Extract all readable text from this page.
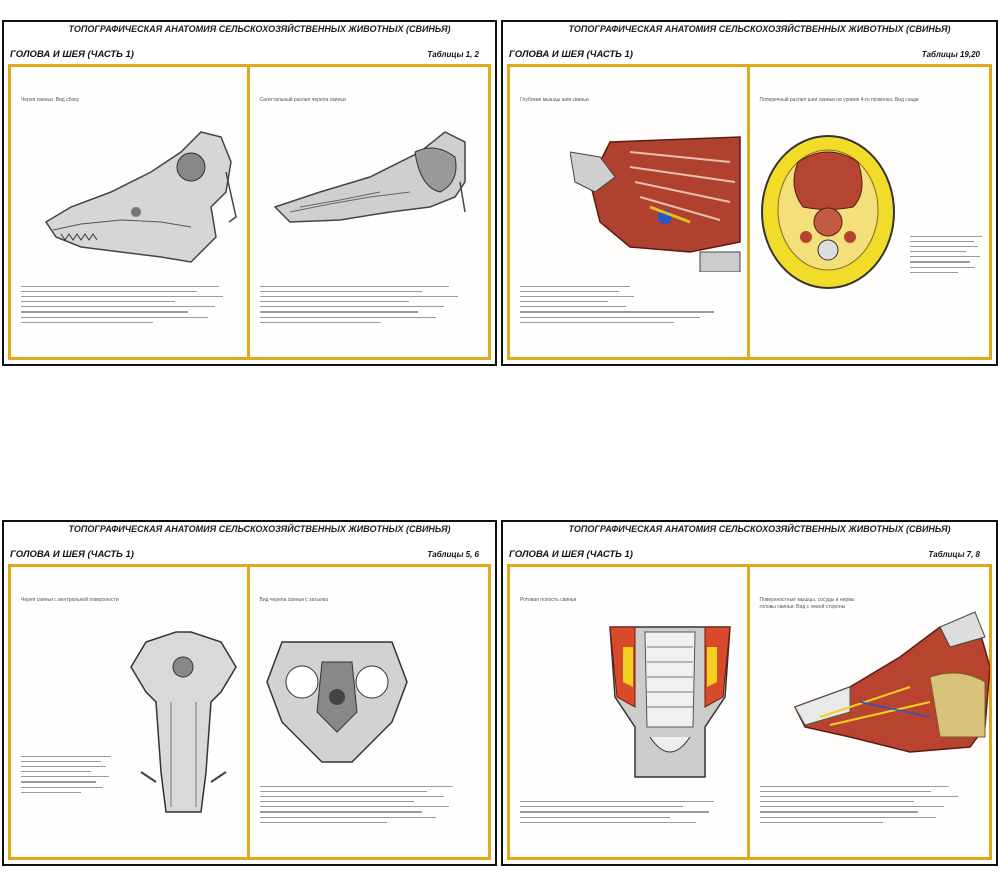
ТОПОГРАФИЧЕСКАЯ АНАТОМИЯ СЕЛЬСКОХОЗЯЙСТВЕННЫХ ЖИВОТНЫХ (СВИНЬЯ)
ГОЛОВА И ШЕЯ (ЧАСТЬ 1)	Таблицы 1, 2
Череп свиньи. Вид сбоку	Сагиттальный распил черепа свиньи
ТОПОГРАФИЧЕСКАЯ АНАТОМИЯ СЕЛЬСКОХОЗЯЙСТВЕННЫХ ЖИВОТНЫХ (СВИНЬЯ)
ГОЛОВА И ШЕЯ (ЧАСТЬ 1)	Таблицы 19,20
Глубокие мышцы шеи свиньи	Поперечный распил шеи свиньи на уровне 4-го позвонка. Вид сзади
ТОПОГРАФИЧЕСКАЯ АНАТОМИЯ СЕЛЬСКОХОЗЯЙСТВЕННЫХ ЖИВОТНЫХ (СВИНЬЯ)
ГОЛОВА И ШЕЯ (ЧАСТЬ 1)	Таблицы 5, 6
Череп свиньи с вентральной поверхности	Вид черепа свиньи с затылка
ТОПОГРАФИЧЕСКАЯ АНАТОМИЯ СЕЛЬСКОХОЗЯЙСТВЕННЫХ ЖИВОТНЫХ (СВИНЬЯ)
ГОЛОВА И ШЕЯ (ЧАСТЬ 1)	Таблицы 7, 8
Ротовая полость свиньи	Поверхностные мышцы, сосуды и нервы головы свиньи. Вид с левой стороны
